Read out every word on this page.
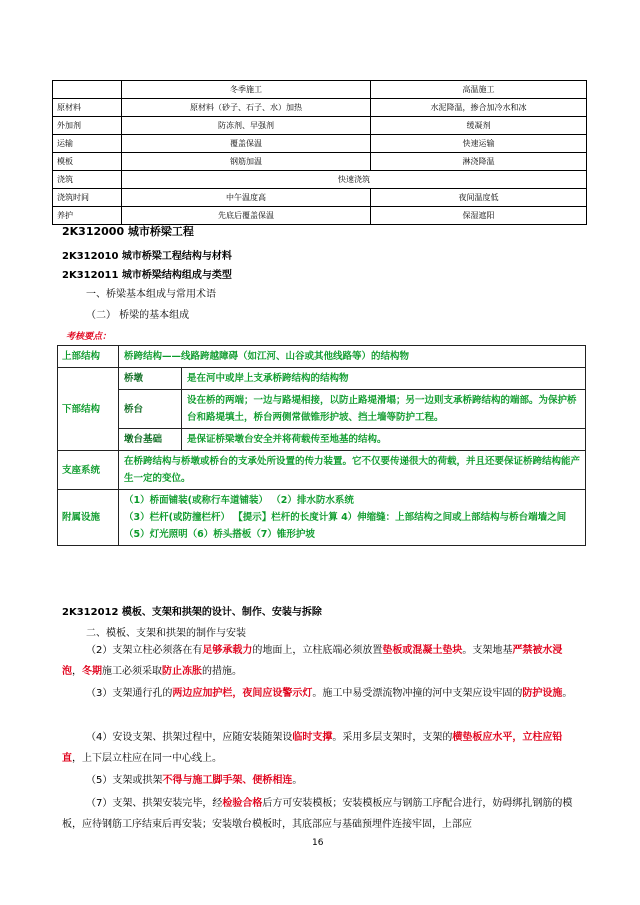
	冬季施工	高温施工
原材料	原材料（砂子、石子、水）加热	水泥降温，掺合加冷水和冰
外加剂	防冻剂、早强剂	缓凝剂
运输	覆盖保温	快速运输
模板	钢筋加温	淋浇降温
浇筑	快速浇筑	
浇筑时间	中午温度高	夜间温度低
养护	先底后覆盖保温	保湿遮阳
2K312000 城市桥梁工程
2K312010 城市桥梁工程结构与材料
2K312011 城市桥梁结构组成与类型
一、桥梁基本组成与常用术语
（二） 桥梁的基本组成
考核要点：
上部结构	桥跨结构——线路跨越障碍（如江河、山谷或其他线路等）的结构物	
下部结构	桥墩	是在河中或岸上支承桥跨结构的结构物
	桥台	设在桥的两端；一边与路堤相接，以防止路堤滑塌；另一边则支承桥跨结构的端部。为保护桥台和路堤填土，桥台两侧常做锥形护坡、挡土墙等防护工程。
	墩台基础	是保证桥梁墩台安全并将荷载传至地基的结构。
支座系统	在桥跨结构与桥墩或桥台的支承处所设置的传力装置。它不仅要传递很大的荷载，并且还要保证桥跨结构能产生一定的变位。	
附属设施	（1）桥面铺装(或称行车道铺装） （2）排水防水系统
（3）栏杆(或防撞栏杆） 【提示】栏杆的长度计算 4）伸缩缝：上部结构之间或上部结构与桥台端墙之间
（5）灯光照明（6）桥头搭板（7）锥形护坡	
2K312012 模板、支架和拱架的设计、制作、安装与拆除
二、模板、支架和拱架的制作与安装
（2）支架立柱必须落在有足够承载力的地面上，立柱底端必须放置垫板或混凝土垫块。支架地基严禁被水浸泡，冬期施工必须采取防止冻胀的措施。
（3）支架通行孔的两边应加护栏，夜间应设警示灯。施工中易受漂流物冲撞的河中支架应设牢固的防护设施。
（4）安设支架、拱架过程中，应随安装随架设临时支撑。采用多层支架时，支架的横垫板应水平，立柱应铅直，上下层立柱应在同一中心线上。
（5）支架或拱架不得与施工脚手架、便桥相连。
（7）支架、拱架安装完毕，经检验合格后方可安装模板；安装模板应与钢筋工序配合进行，妨碍绑扎钢筋的模板，应待钢筋工序结束后再安装；安装墩台模板时，其底部应与基础预埋件连接牢固，上部应
16
